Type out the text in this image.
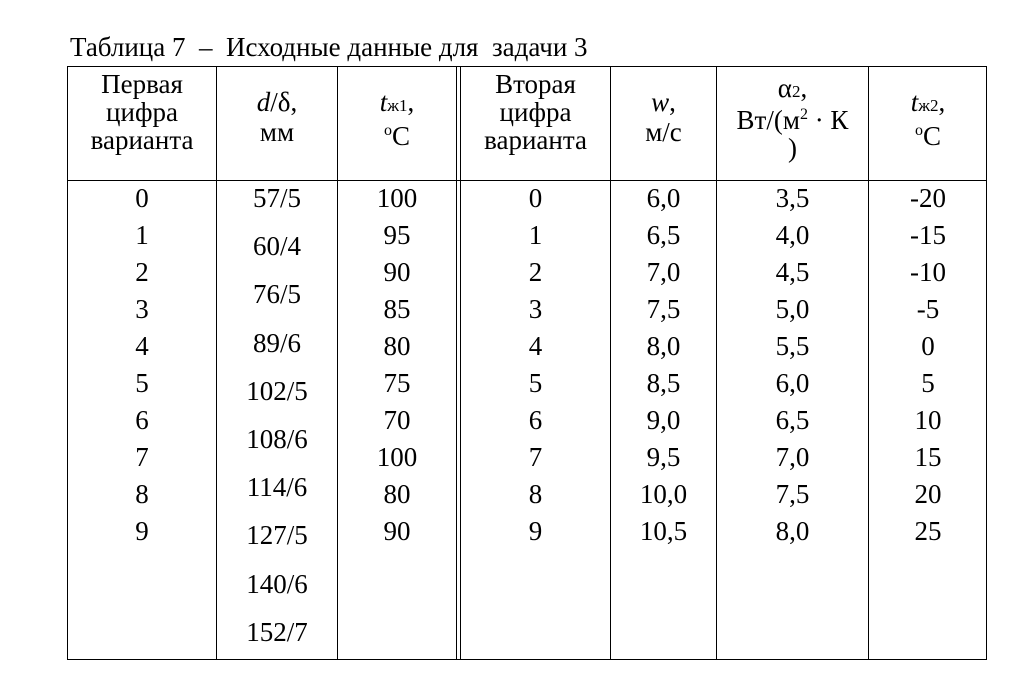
Таблица 7  –  Исходные данные для  задачи 3
Первая
цифра
варианта
d/δ,
мм
tж1,
$^o$C
Вторая
цифра
варианта
w,
м/с
α2,
$Вт/(м^2 \cdot К$
)
tж2,
$^o$C
0
1
2
3
4
5
6
7
8
9
57/5
60/4
76/5
89/6
102/5
108/6
114/6
127/5
140/6
152/7
100
95
90
85
80
75
70
100
80
90
0
1
2
3
4
5
6
7
8
9
6,0
6,5
7,0
7,5
8,0
8,5
9,0
9,5
10,0
10,5
3,5
4,0
4,5
5,0
5,5
6,0
6,5
7,0
7,5
8,0
-20
-15
-10
-5
0
5
10
15
20
25
